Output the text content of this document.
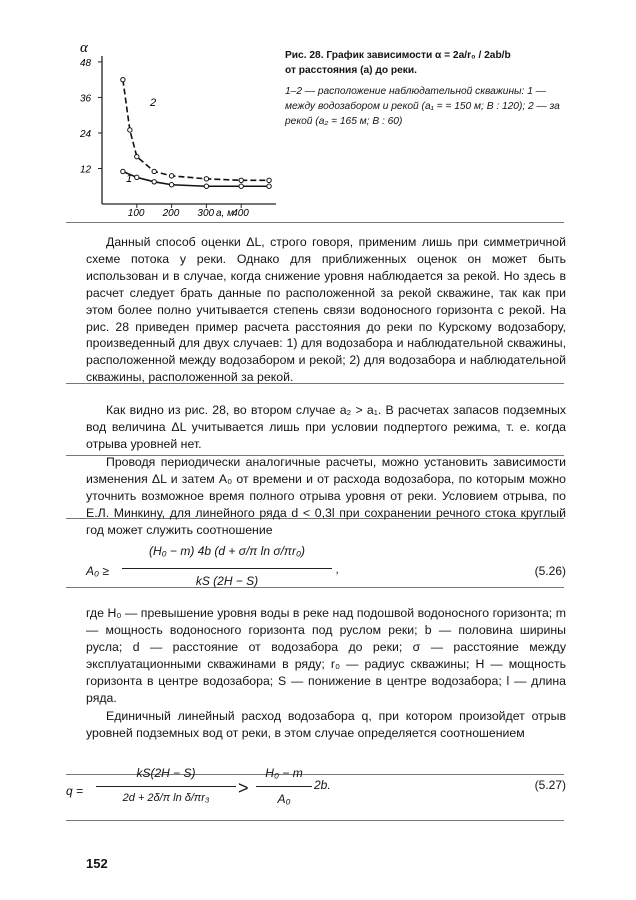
α
48
36
24
12
100 200 300 400
a, м
1
2
Рис. 28. График зависимости α = 2a/r₀ / 2ab/b
от расстояния (a) до реки.
1–2 — расположение наблюдательной скважины: 1 — между водозабором и рекой (a₁ = = 150 м; B : 120); 2 — за рекой (a₂ = 165 м; B : 60)

Данный способ оценки ΔL, строго говоря, применим лишь при симметричной схеме потока у реки. Однако для приближенных оценок он может быть использован и в случае, когда снижение уровня наблюдается за рекой. Но здесь в расчет следует брать данные по расположенной за рекой скважине, так как при этом более полно учитывается степень связи водоносного горизонта с рекой. На рис. 28 приведен пример расчета расстояния до реки по Курскому водозабору, произведенный для двух случаев: 1) для водозабора и наблюдательной скважины, расположенной между водозабором и рекой; 2) для водозабора и наблюдательной скважины, расположенной за рекой.

Как видно из рис. 28, во втором случае a₂ > a₁. В расчетах запасов подземных вод величина ΔL учитывается лишь при условии подпертого режима, т. е. когда отрыва уровней нет.

Прoводя периодически аналогичные расчеты, можно установить зависимости изменения ΔL и затем A₀ от времени и от расхода водозабора, по которым можно уточнить возможное время полного отрыва уровня от реки. Условием отрыва, по Е.Л. Минкину, для линейного ряда d < 0,3l при сохранении речного стока круглый год может служить соотношение

A₀ ≥
(H₀ − m) 4b (d + σ/π ln σ/πr₀)
kS (2H − S)
,	(5.26)

где H₀ — превышение уровня воды в реке над подошвой водоносного горизонта; m — мощность водоносного горизонта под руслом реки; b — половина ширины русла; d — расстояние от водозабора до реки; σ — расстояние между эксплуатационными скважинами в ряду; r₀ — радиус скважины; H — мощность горизонта в центре водозабора; S — понижение в центре водозабора; l — длина ряда.

Единичный линейный расход водозабора q, при котором произойдет отрыв уровней подземных вод от реки, в этом случае определяется соотношением

q =
kS(2H − S)
2d + 2δ/π ln δ/πr₃	>
H₀ − m
A₀
2b.	(5.27)
152
